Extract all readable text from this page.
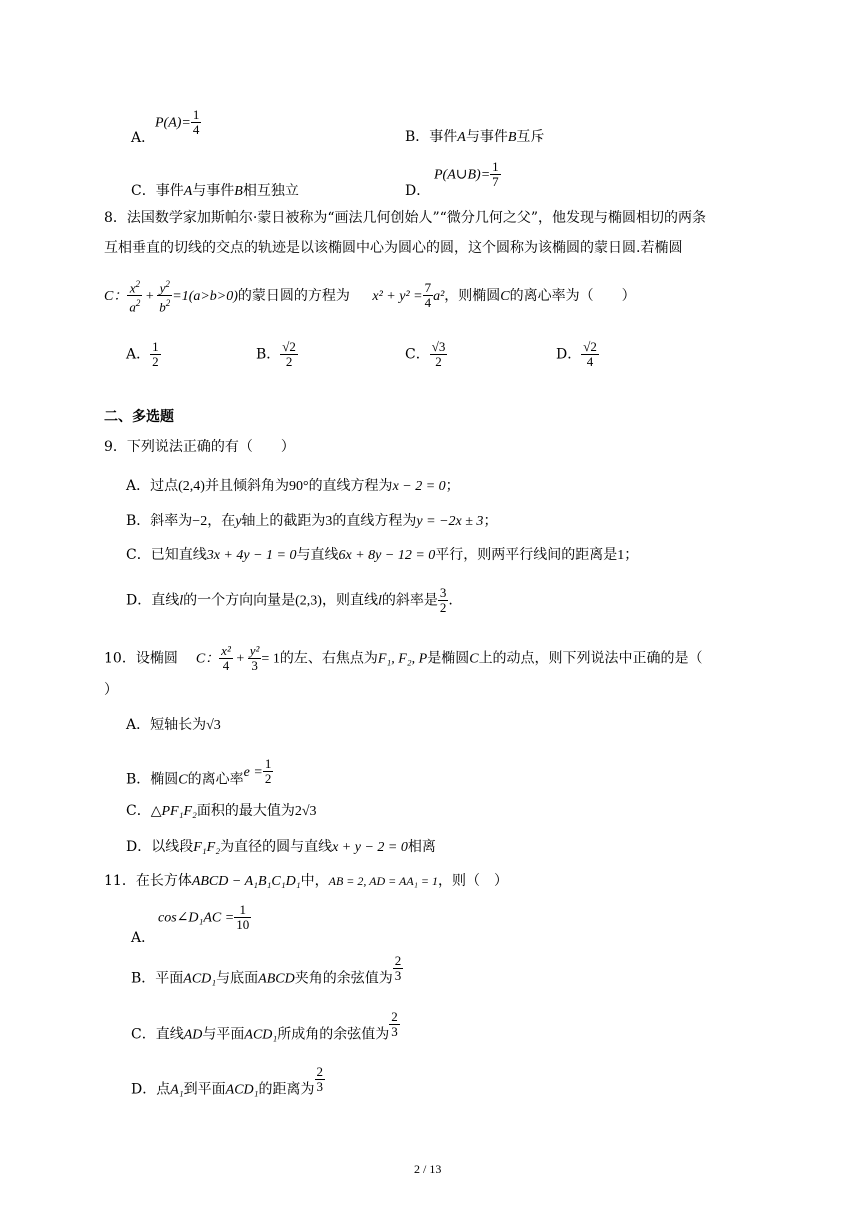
A．
$P(A)= \frac{1}{4}$	B．事件A与事件B互斥
C．事件A与事件B相互独立	D．
P(A∪B)= $\frac{1}{7}$
8．法国数学家加斯帕尔·蒙日被称为“画法几何创始人”“微分几何之父”，他发现与椭圆相切的两条
互相垂直的切线的交点的轨迹是以该椭圆中心为圆心的圆，这个圆称为该椭圆的蒙日圆.若椭圆
C： $\frac{x^2}{a^2} + \frac{y^2}{b^2} =1(a>b>0)$的蒙日圆的方程为 $x^2 + y^2 = \frac{7}{4} a^2$，则椭圆C的离心率为（　　）
A． $\frac{1}{2}$	B． $\frac{√2}{2}$	C． $\frac{√3}{2}$	D． $\frac{√2}{4}$
二、多选题
9．下列说法正确的有（　　）
A．过点(2,4)并且倾斜角为90°的直线方程为x − 2 = 0；
B．斜率为−2，在y轴上的截距为3的直线方程为y = −2x ± 3；
C．已知直线3x + 4y − 1 = 0与直线6x + 8y − 12 = 0平行，则两平行线间的距离是1；
D．直线l的一个方向向量是(2,3)，则直线l的斜率是 $\frac{3}{2}$ .
10．设椭圆 C： $\frac{\text{x²}}{4} + \frac{\text{y²}}{3} = 1$的左、右焦点为F₁, F₂, P是椭圆C上的动点，则下列说法中正确的是（
）
A．短轴长为√3
B．椭圆C的离心率$e = \frac{1}{2}$
C．△PF₁F₂面积的最大值为2√3
D．以线段F₁F₂为直径的圆与直线x + y − 2 = 0相离
11．在长方体ABCD − A₁B₁C₁D₁中，AB = 2, AD = AA₁ = 1，则（　）
A．
cos∠D₁AC = $\frac{1}{10}$
B．平面ACD₁与底面ABCD夹角的余弦值为 $\frac{2}{3}$
C．直线AD与平面ACD₁所成角的余弦值为 $\frac{2}{3}$
D．点A₁到平面ACD₁的距离为 $\frac{2}{3}$
2 / 13
